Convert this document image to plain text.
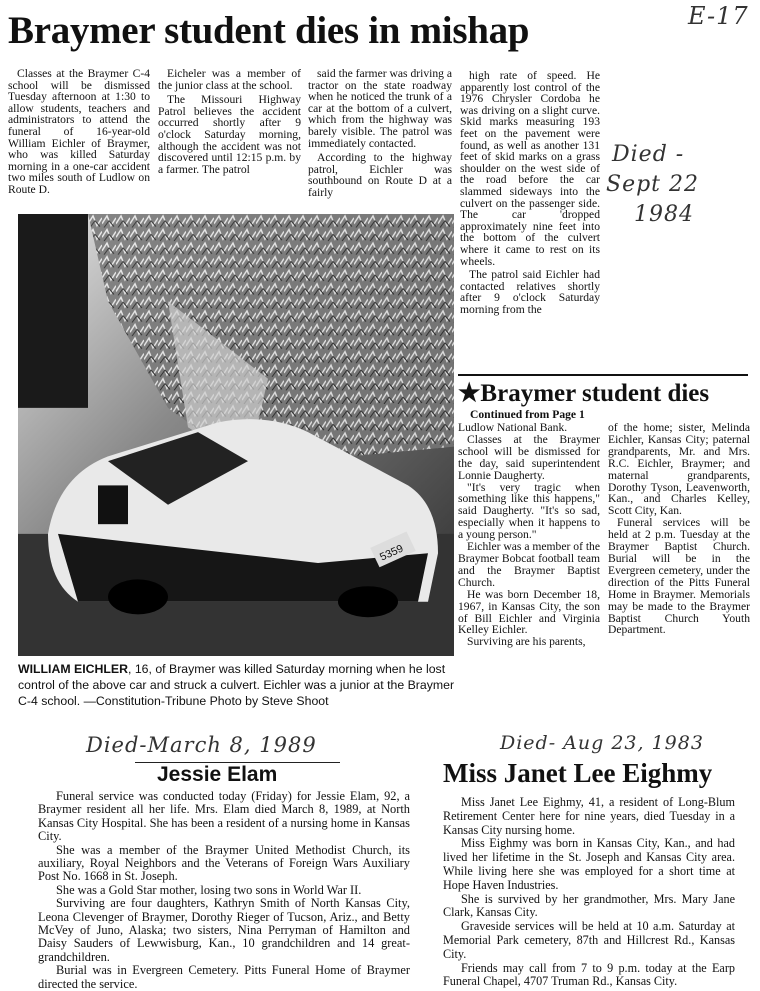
E-17
Braymer student dies in mishap

Classes at the Braymer C-4 school will be dismissed Tuesday afternoon at 1:30 to allow students, teachers and administrators to attend the funeral of 16-year-old William Eichler of Braymer, who was killed Saturday morning in a one-car accident two miles south of Ludlow on Route D.

Eicheler was a member of the junior class at the school.

The Missouri Highway Patrol believes the accident occurred shortly after 9 o'clock Saturday morning, although the accident was not discovered until 12:15 p.m. by a farmer. The patrol

said the farmer was driving a tractor on the state roadway when he noticed the trunk of a car at the bottom of a culvert, which from the highway was barely visible. The patrol was immediately contacted.

According to the highway patrol, Eichler was southbound on Route D at a fairly

high rate of speed. He apparently lost control of the 1976 Chrysler Cordoba he was driving on a slight curve. Skid marks measuring 193 feet on the pavement were found, as well as another 131 feet of skid marks on a grass shoulder on the west side of the road before the car slammed sideways into the culvert on the passenger side. The car 'dropped approximately nine feet into the bottom of the culvert where it came to rest on its wheels.

The patrol said Eichler had contacted relatives shortly after 9 o'clock Saturday morning from the

Died -
Sept 22
1984
5359
WILLIAM EICHLER, 16, of Braymer was killed Saturday morning when he lost control of the above car and struck a culvert. Eichler was a junior at the Braymer C-4 school. —Constitution-Tribune Photo by Steve Shoot
★Braymer student dies
Continued from Page 1

Ludlow National Bank.

Classes at the Braymer school will be dismissed for the day, said superintendent Lonnie Daugherty.

"It's very tragic when something like this happens," said Daugherty. "It's so sad, especially when it happens to a young person."

Eichler was a member of the Braymer Bobcat football team and the Braymer Baptist Church.

He was born December 18, 1967, in Kansas City, the son of Bill Eichler and Virginia Kelley Eichler.

Surviving are his parents,

of the home; sister, Melinda Eichler, Kansas City; paternal grandparents, Mr. and Mrs. R.C. Eichler, Braymer; and maternal grandparents, Dorothy Tyson, Leavenworth, Kan., and Charles Kelley, Scott City, Kan.

Funeral services will be held at 2 p.m. Tuesday at the Braymer Baptist Church. Burial will be in the Evergreen cemetery, under the direction of the Pitts Funeral Home in Braymer. Memorials may be made to the Braymer Baptist Church Youth Department.

Died-March 8, 1989
Jessie Elam

Funeral service was conducted today (Friday) for Jessie Elam, 92, a Braymer resident all her life. Mrs. Elam died March 8, 1989, at North Kansas City Hospital. She has been a resident of a nursing home in Kansas City.

She was a member of the Braymer United Methodist Church, its auxiliary, Royal Neighbors and the Veterans of Foreign Wars Auxiliary Post No. 1668 in St. Joseph.

She was a Gold Star mother, losing two sons in World War II.

Surviving are four daughters, Kathryn Smith of North Kansas City, Leona Clevenger of Braymer, Dorothy Rieger of Tucson, Ariz., and Betty McVey of Juno, Alaska; two sisters, Nina Perryman of Hamilton and Daisy Sauders of Lewwisburg, Kan., 10 grandchildren and 14 great-grandchildren.

Burial was in Evergreen Cemetery. Pitts Funeral Home of Braymer directed the service.

Died- Aug 23, 1983
Miss Janet Lee Eighmy

Miss Janet Lee Eighmy, 41, a resident of Long-Blum Retirement Center here for nine years, died Tuesday in a Kansas City nursing home.

Miss Eighmy was born in Kansas City, Kan., and had lived her lifetime in the St. Joseph and Kansas City area. While living here she was employed for a short time at Hope Haven Industries.

She is survived by her grandmother, Mrs. Mary Jane Clark, Kansas City.

Graveside services will be held at 10 a.m. Saturday at Memorial Park cemetery, 87th and Hillcrest Rd., Kansas City.

Friends may call from 7 to 9 p.m. today at the Earp Funeral Chapel, 4707 Truman Rd., Kansas City.
